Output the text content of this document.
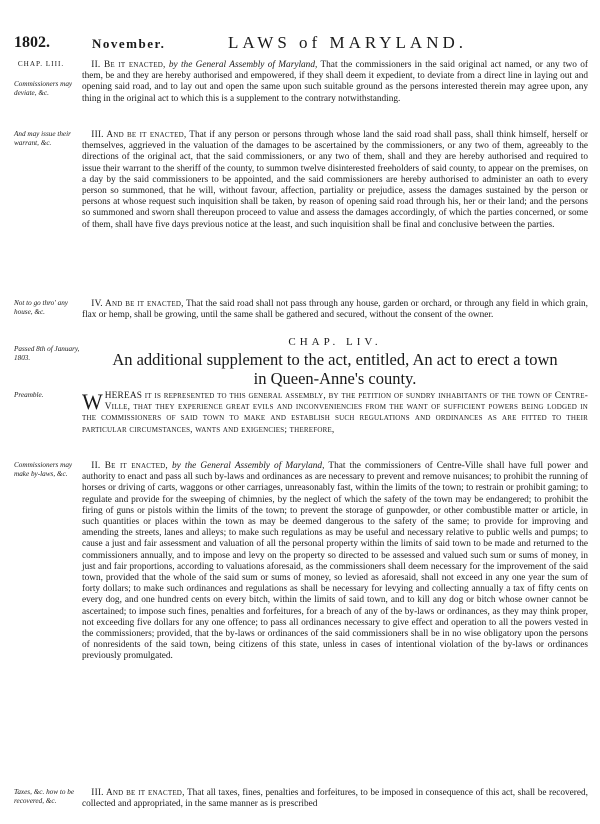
1802.	November.	LAWS of MARYLAND.
CHAP. LIII.
Commissioners may deviate, &c.
And may issue their warrant, &c.
Not to go thro' any house, &c.
Passed 8th of January, 1803.
Preamble.
Commissioners may make by-laws, &c.
Taxes, &c. how to be recovered, &c.
 II. Be it enacted, by the General Assembly of Maryland, That the commissioners in the said original act named, or any two of them, be and they are hereby authorised and empowered, if they shall deem it expedient, to deviate from a direct line in laying out and opening said road, and to lay out and open the same upon such suitable ground as the persons interested therein may agree upon, any thing in the original act to which this is a supplement to the contrary notwithstanding.
 III. And be it enacted, That if any person or persons through whose land the said road shall pass, shall think himself, herself or themselves, aggrieved in the valuation of the damages to be ascertained by the commissioners, or any two of them, agreeably to the directions of the original act, that the said commissioners, or any two of them, shall and they are hereby authorised and required to issue their warrant to the sheriff of the county, to summon twelve disinterested freeholders of said county, to appear on the premises, on a day by the said commissioners to be appointed, and the said commissioners are hereby authorised to administer an oath to every person so summoned, that he will, without favour, affection, partiality or prejudice, assess the damages sustained by the person or persons at whose request such inquisition shall be taken, by reason of opening said road through his, her or their land; and the persons so summoned and sworn shall thereupon proceed to value and assess the damages accordingly, of which the parties concerned, or some of them, shall have five days previous notice at the least, and such inquisition shall be final and conclusive between the parties.
 IV. And be it enacted, That the said road shall not pass through any house, garden or orchard, or through any field in which grain, flax or hemp, shall be growing, until the same shall be gathered and secured, without the consent of the owner.
CHAP. LIV.
An additional supplement to the act, entitled, An act to erect a town
in Queen-Anne's county.
W HEREAS it is represented to this general assembly, by the petition of sundry inhabitants of the town of Centre-Ville, that they experience great evils and inconveniencies from the want of sufficient powers being lodged in the commissioners of said town to make and establish such regulations and ordinances as are fitted to their particular circumstances, wants and exigencies; therefore,
 II. Be it enacted, by the General Assembly of Maryland, That the commissioners of Centre-Ville shall have full power and authority to enact and pass all such by-laws and ordinances as are necessary to prevent and remove nuisances; to prohibit the running of horses or driving of carts, waggons or other carriages, unreasonably fast, within the limits of the town; to restrain or prohibit gaming; to regulate and provide for the sweeping of chimnies, by the neglect of which the safety of the town may be endangered; to prohibit the firing of guns or pistols within the limits of the town; to prevent the storage of gunpowder, or other combustible matter or article, in such quantities or places within the town as may be deemed dangerous to the safety of the same; to provide for improving and amending the streets, lanes and alleys; to make such regulations as may be useful and necessary relative to public wells and pumps; to cause a just and fair assessment and valuation of all the personal property within the limits of said town to be made and returned to the commissioners annually, and to impose and levy on the property so directed to be assessed and valued such sum or sums of money, in just and fair proportions, according to valuations aforesaid, as the commissioners shall deem necessary for the improvement of the said town, provided that the whole of the said sum or sums of money, so levied as aforesaid, shall not exceed in any one year the sum of forty dollars; to make such ordinances and regulations as shall be necessary for levying and collecting annually a tax of fifty cents on every dog, and one hundred cents on every bitch, within the limits of said town, and to kill any dog or bitch whose owner cannot be ascertained; to impose such fines, penalties and forfeitures, for a breach of any of the by-laws or ordinances, as they may think proper, not exceeding five dollars for any one offence; to pass all ordinances necessary to give effect and operation to all the powers vested in the commissioners; provided, that the by-laws or ordinances of the said commissioners shall be in no wise obligatory upon the persons of nonresidents of the said town, being citizens of this state, unless in cases of intentional violation of the by-laws or ordinances previously promulgated.
 III. And be it enacted, That all taxes, fines, penalties and forfeitures, to be imposed in consequence of this act, shall be recovered, collected and appropriated, in the same manner as is prescribed
